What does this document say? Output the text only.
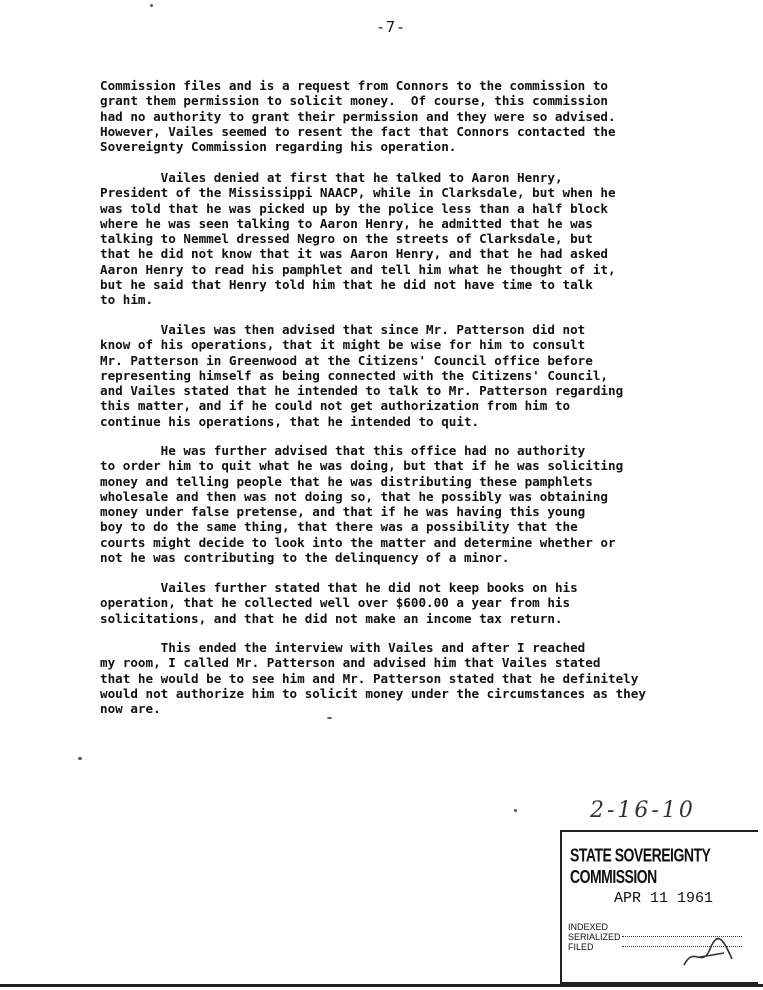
-7-

Commission files and is a request from Connors to the commission to
grant them permission to solicit money.  Of course, this commission
had no authority to grant their permission and they were so advised.
However, Vailes seemed to resent the fact that Connors contacted the
Sovereignty Commission regarding his operation.

Vailes denied at first that he talked to Aaron Henry,
President of the Mississippi NAACP, while in Clarksdale, but when he
was told that he was picked up by the police less than a half block
where he was seen talking to Aaron Henry, he admitted that he was
talking to Nemmel dressed Negro on the streets of Clarksdale, but
that he did not know that it was Aaron Henry, and that he had asked
Aaron Henry to read his pamphlet and tell him what he thought of it,
but he said that Henry told him that he did not have time to talk
to him.

Vailes was then advised that since Mr. Patterson did not
know of his operations, that it might be wise for him to consult
Mr. Patterson in Greenwood at the Citizens' Council office before
representing himself as being connected with the Citizens' Council,
and Vailes stated that he intended to talk to Mr. Patterson regarding
this matter, and if he could not get authorization from him to
continue his operations, that he intended to quit.

He was further advised that this office had no authority
to order him to quit what he was doing, but that if he was soliciting
money and telling people that he was distributing these pamphlets
wholesale and then was not doing so, that he possibly was obtaining
money under false pretense, and that if he was having this young
boy to do the same thing, that there was a possibility that the
courts might decide to look into the matter and determine whether or
not he was contributing to the delinquency of a minor.

Vailes further stated that he did not keep books on his
operation, that he collected well over $600.00 a year from his
solicitations, and that he did not make an income tax return.

This ended the interview with Vailes and after I reached
my room, I called Mr. Patterson and advised him that Vailes stated
that he would be to see him and Mr. Patterson stated that he definitely
would not authorize him to solicit money under the circumstances as they
now are.

2-16-10
STATE SOVEREIGNTY COMMISSION
APR 11 1961
INDEXED
SERIALIZED
FILED
